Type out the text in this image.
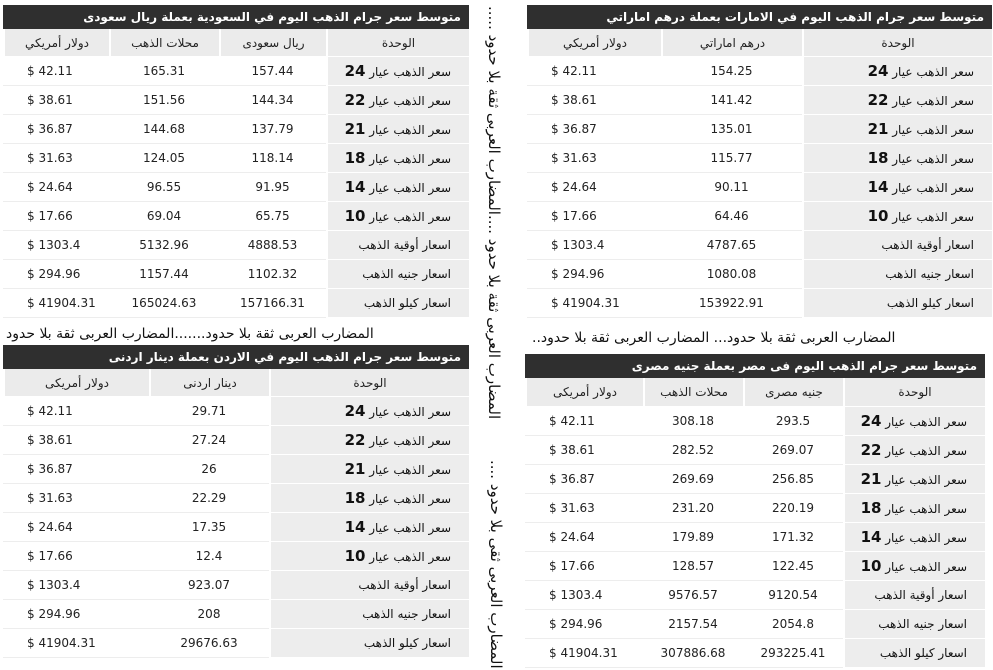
متوسط سعر جرام الذهب اليوم في الامارات بعملة درهم اماراتي
الوحدة	درهم اماراتي	دولار أمريكي
سعر الذهب عيار 24	154.25	$ 42.11
سعر الذهب عيار 22	141.42	$ 38.61
سعر الذهب عيار 21	135.01	$ 36.87
سعر الذهب عيار 18	115.77	$ 31.63
سعر الذهب عيار 14	90.11	$ 24.64
سعر الذهب عيار 10	64.46	$ 17.66
اسعار أوقية الذهب	4787.65	$ 1303.4
اسعار جنيه الذهب	1080.08	$ 294.96
اسعار كيلو الذهب	153922.91	$ 41904.31
متوسط سعر جرام الذهب اليوم في السعودية بعملة ريال سعودى
الوحدة	ريال سعودى	محلات الذهب	دولار أمريكي
سعر الذهب عيار 24	157.44	165.31	$ 42.11
سعر الذهب عيار 22	144.34	151.56	$ 38.61
سعر الذهب عيار 21	137.79	144.68	$ 36.87
سعر الذهب عيار 18	118.14	124.05	$ 31.63
سعر الذهب عيار 14	91.95	96.55	$ 24.64
سعر الذهب عيار 10	65.75	69.04	$ 17.66
اسعار أوقية الذهب	4888.53	5132.96	$ 1303.4
اسعار جنيه الذهب	1102.32	1157.44	$ 294.96
اسعار كيلو الذهب	157166.31	165024.63	$ 41904.31
متوسط سعر جرام الذهب اليوم في الاردن بعملة دينار اردنى
الوحدة	دينار اردنى	دولار أمريكى
سعر الذهب عيار 24	29.71	$ 42.11
سعر الذهب عيار 22	27.24	$ 38.61
سعر الذهب عيار 21	26	$ 36.87
سعر الذهب عيار 18	22.29	$ 31.63
سعر الذهب عيار 14	17.35	$ 24.64
سعر الذهب عيار 10	12.4	$ 17.66
اسعار أوقية الذهب	923.07	$ 1303.4
اسعار جنيه الذهب	208	$ 294.96
اسعار كيلو الذهب	29676.63	$ 41904.31
متوسط سعر جرام الذهب اليوم فى مصر بعملة جنيه مصرى
الوحدة	جنيه مصرى	محلات الذهب	دولار أمريكى
سعر الذهب عيار 24	293.5	308.18	$ 42.11
سعر الذهب عيار 22	269.07	282.52	$ 38.61
سعر الذهب عيار 21	256.85	269.69	$ 36.87
سعر الذهب عيار 18	220.19	231.20	$ 31.63
سعر الذهب عيار 14	171.32	179.89	$ 24.64
سعر الذهب عيار 10	122.45	128.57	$ 17.66
اسعار أوقية الذهب	9120.54	9576.57	$ 1303.4
اسعار جنيه الذهب	2054.8	2157.54	$ 294.96
اسعار كيلو الذهب	293225.41	307886.68	$ 41904.31
المضارب العربى ثقة بلا حدود.......المضارب العربى ثقة بلا حدود	المضارب العربى ثقة بلا حدود... المضارب العربى ثقة بلا حدود..
المضارب العربى ثقة بلا حدود ....المضارب العربى ثقة بلا حدود .....
المضارب العربى ثقى بلا حدود ....
